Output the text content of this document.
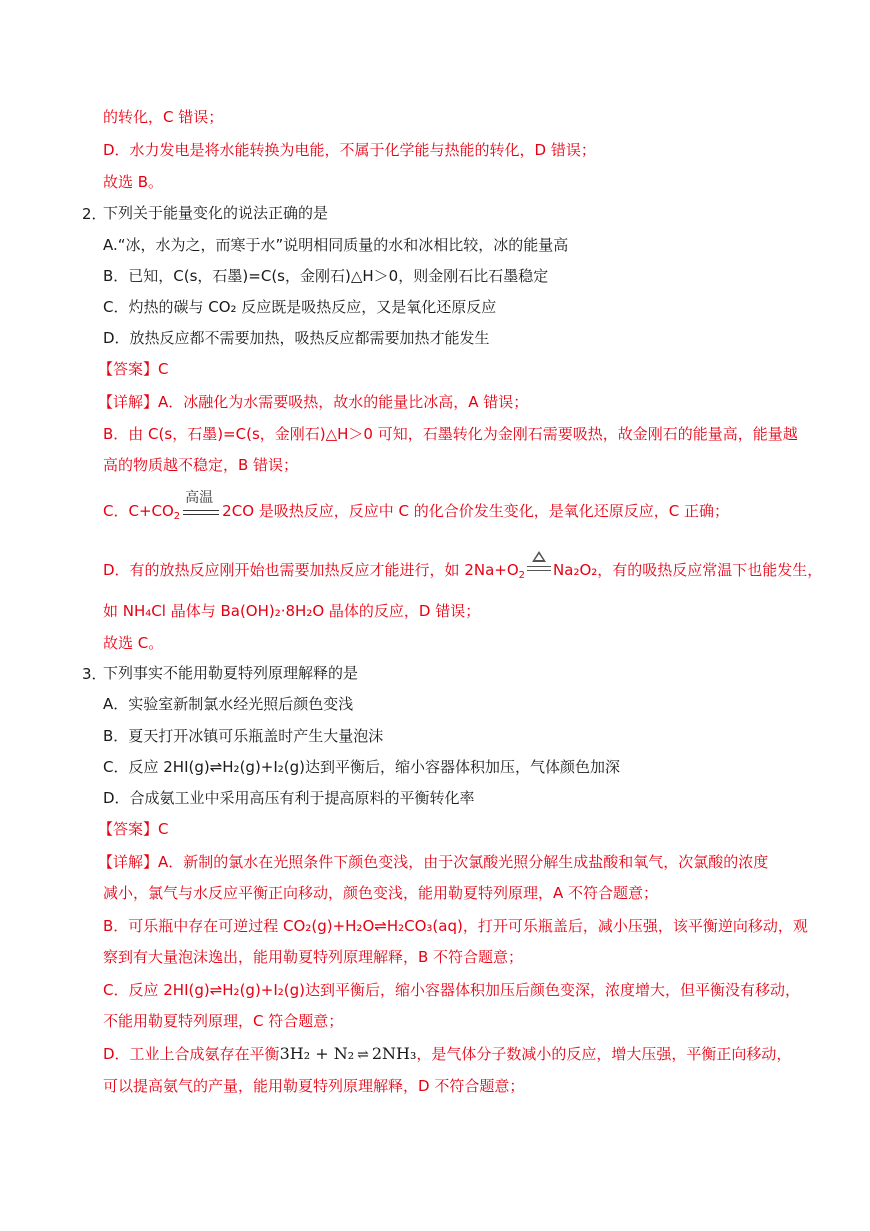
的转化，C 错误；
D．水力发电是将水能转换为电能，不属于化学能与热能的转化，D 错误；
故选 B。
2．
下列关于能量变化的说法正确的是
A.“冰，水为之，而寒于水”说明相同质量的水和冰相比较，冰的能量高
B．已知，C(s，石墨)=C(s，金刚石)△H＞0，则金刚石比石墨稳定
C．灼热的碳与 CO₂ 反应既是吸热反应，又是氧化还原反应
D．放热反应都不需要加热，吸热反应都需要加热才能发生
【答案】C
【详解】A．冰融化为水需要吸热，故水的能量比冰高，A 错误；
B．由 C(s，石墨)=C(s，金刚石)△H＞0 可知，石墨转化为金刚石需要吸热，故金刚石的能量高，能量越
高的物质越不稳定，B 错误；
C．$C+CO_2$
高温
2CO 是吸热反应，反应中 C 的化合价发生变化，是氧化还原反应，C 正确；
D．有的放热反应刚开始也需要加热反应才能进行，如 $2Na+O_2$ Na₂O₂，有的吸热反应常温下也能发生，
如 NH₄Cl 晶体与 Ba(OH)₂·8H₂O 晶体的反应，D 错误；
故选 C。
3．
下列事实不能用勒夏特列原理解释的是
A．实验室新制氯水经光照后颜色变浅
B．夏天打开冰镇可乐瓶盖时产生大量泡沫
C．反应 2HI(g)⇌H₂(g)+I₂(g)达到平衡后，缩小容器体积加压，气体颜色加深
D．合成氨工业中采用高压有利于提高原料的平衡转化率
【答案】C
【详解】A．新制的氯水在光照条件下颜色变浅，由于次氯酸光照分解生成盐酸和氧气，次氯酸的浓度
减小，氯气与水反应平衡正向移动，颜色变浅，能用勒夏特列原理，A 不符合题意；
B．可乐瓶中存在可逆过程 CO₂(g)+H₂O⇌H₂CO₃(aq)，打开可乐瓶盖后，减小压强，该平衡逆向移动，观
察到有大量泡沫逸出，能用勒夏特列原理解释，B 不符合题意；
C．反应 2HI(g)⇌H₂(g)+I₂(g)达到平衡后，缩小容器体积加压后颜色变深，浓度增大，但平衡没有移动，
不能用勒夏特列原理，C 符合题意；
D．工业上合成氨存在平衡3H₂ + N₂ ⇌ 2NH₃，是气体分子数减小的反应，增大压强，平衡正向移动，
可以提高氨气的产量，能用勒夏特列原理解释，D 不符合题意；
